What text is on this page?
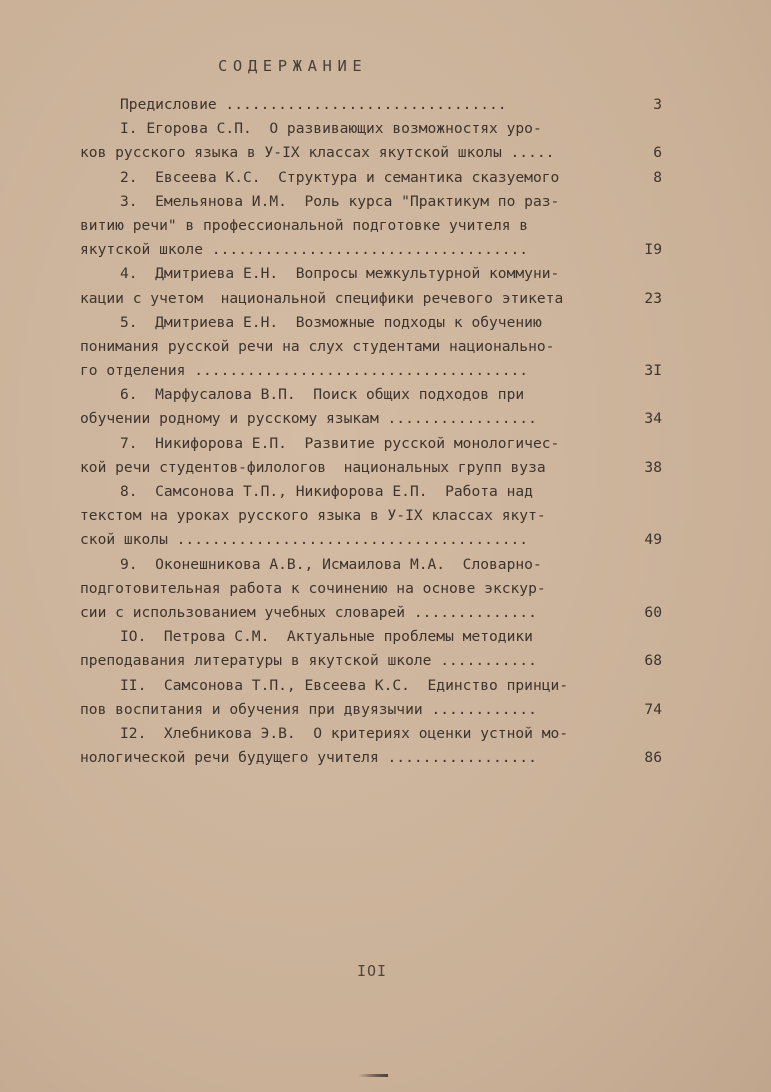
СОДЕРЖАНИЕ
Предисловие ................................	3
I. Егорова С.П.  О развивающих возможностях уро-
ков русского языка в У-IX классах якутской школы .....	6
2.  Евсеева К.С.  Структура и семантика сказуемого	8
3.  Емельянова И.М.  Роль курса "Практикум по раз-
витию речи" в профессиональной подготовке учителя в
якутской школе ....................................	I9
4.  Дмитриева Е.Н.  Вопросы межкультурной коммуни-
кации с учетом  национальной специфики речевого этикета	23
5.  Дмитриева Е.Н.  Возможные подходы к обучению
понимания русской речи на слух студентами национально-
го отделения ......................................	3I
6.  Марфусалова В.П.  Поиск общих подходов при
обучении родному и русскому языкам .................	34
7.  Никифорова Е.П.  Развитие русской монологичес-
кой речи студентов-филологов  национальных групп вуза	38
8.  Самсонова Т.П., Никифорова Е.П.  Работа над
текстом на уроках русского языка в У-IX классах якут-
ской школы ........................................	49
9.  Оконешникова А.В., Исмаилова М.А.  Словарно-
подготовительная работа к сочинению на основе экскур-
сии с использованием учебных словарей ..............	60
IO.  Петрова С.М.  Актуальные проблемы методики
преподавания литературы в якутской школе ...........	68
II.  Самсонова Т.П., Евсеева К.С.  Единство принци-
пов воспитания и обучения при двуязычии ............	74
I2.  Хлебникова Э.В.  О критериях оценки устной мо-
нологической речи будущего учителя .................	86
IOI
